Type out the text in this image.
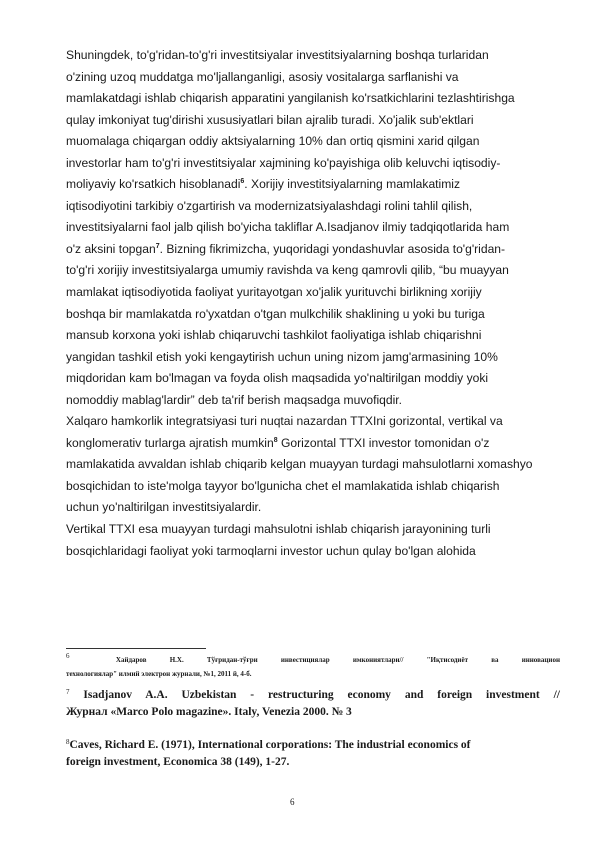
Shuningdek, to'g'ridan-to'g'ri investitsiyalar investitsiyalarning boshqa turlaridan
o'zining uzoq muddatga mo'ljallanganligi, asosiy vositalarga sarflanishi va
mamlakatdagi ishlab chiqarish apparatini yangilanish ko'rsatkichlarini tezlashtirishga
qulay imkoniyat tug'dirishi xususiyatlari bilan ajralib turadi. Xo'jalik sub'ektlari
muomalaga chiqargan oddiy aktsiyalarning 10% dan ortiq qismini xarid qilgan
investorlar ham to'g'ri investitsiyalar xajmining ko'payishiga olib keluvchi iqtisodiy-
moliyaviy ko'rsatkich hisoblanadi$^6$. Xorijiy investitsiyalarning mamlakatimiz
iqtisodiyotini tarkibiy o'zgartirish va modernizatsiyalashdagi rolini tahlil qilish,
investitsiyalarni faol jalb qilish bo'yicha takliflar A.Isadjanov ilmiy tadqiqotlarida ham
o'z aksini topgan$^7$. Bizning fikrimizcha, yuqoridagi yondashuvlar asosida to'g'ridan-
to'g'ri xorijiy investitsiyalarga umumiy ravishda va keng qamrovli qilib, “bu muayyan
mamlakat iqtisodiyotida faoliyat yuritayotgan xo'jalik yurituvchi birlikning xorijiy
boshqa bir mamlakatda ro'yxatdan o'tgan mulkchilik shaklining u yoki bu turiga
mansub korxona yoki ishlab chiqaruvchi tashkilot faoliyatiga ishlab chiqarishni
yangidan tashkil etish yoki kengaytirish uchun uning nizom jamg'armasining 10%
miqdoridan kam bo'lmagan va foyda olish maqsadida yo'naltirilgan moddiy yoki
nomoddiy mablag'lardir” deb ta'rif berish maqsadga muvofiqdir.
Xalqaro hamkorlik integratsiyasi turi nuqtai nazardan TTXIni gorizontal, vertikal va
konglomerativ turlarga ajratish mumkin$^8$ Gorizontal TTXI investor tomonidan o'z
mamlakatida avvaldan ishlab chiqarib kelgan muayyan turdagi mahsulotlarni xomashyo
bosqichidan to iste'molga tayyor bo'lgunicha chet el mamlakatida ishlab chiqarish
uchun yo'naltirilgan investitsiyalardir.
Vertikal TTXI esa muayyan turdagi mahsulotni ishlab chiqarish jarayonining turli
bosqichlaridagi faoliyat yoki tarmoqlarni investor uchun qulay bo'lgan alohida
6	Хайдаров Н.Х. Тўғридан-тўғри инвестициялар имкониятлари// "Иқтисодиёт ва инновацион
технологиялар" илмий электрон журнали, №1, 2011 й, 4-б.
$^7$ Isadjanov A.A. Uzbekistan - restructuring economy and foreign investment //
Журнал «Marco Polo magazine». Italy, Venezia 2000. № 3
$^8$Caves, Richard E. (1971), International corporations: The industrial economics of
foreign investment, Economica 38 (149), 1-27.
6
